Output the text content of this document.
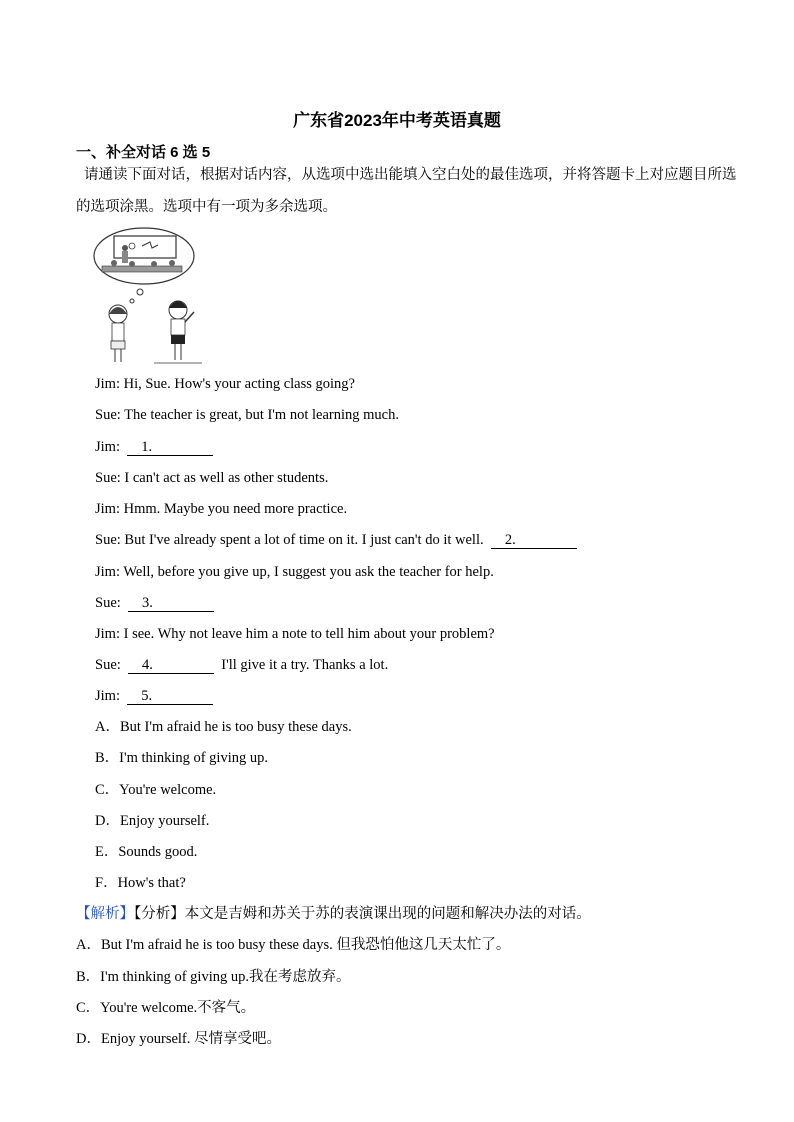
广东省2023年中考英语真题
一、补全对话 6 选 5
请通读下面对话，根据对话内容，从选项中选出能填入空白处的最佳选项，并将答题卡上对应题目所选
的选项涂黑。选项中有一项为多余选项。
Jim: Hi, Sue. How's your acting class going?
Sue: The teacher is great, but I'm not learning much.
Jim: 1.
Sue: I can't act as well as other students.
Jim: Hmm. Maybe you need more practice.
Sue: But I've already spent a lot of time on it. I just can't do it well. 2.
Jim: Well, before you give up, I suggest you ask the teacher for help.
Sue: 3.
Jim: I see. Why not leave him a note to tell him about your problem?
Sue: 4.	I'll give it a try. Thanks a lot.
Jim: 5.
A．But I'm afraid he is too busy these days.
B．I'm thinking of giving up.
C．You're welcome.
D．Enjoy yourself.
E．Sounds good.
F．How's that?
【解析】【分析】本文是吉姆和苏关于苏的表演课出现的问题和解决办法的对话。
A．But I'm afraid he is too busy these days. 但我恐怕他这几天太忙了。
B．I'm thinking of giving up.我在考虑放弃。
C．You're welcome.不客气。
D．Enjoy yourself. 尽情享受吧。
